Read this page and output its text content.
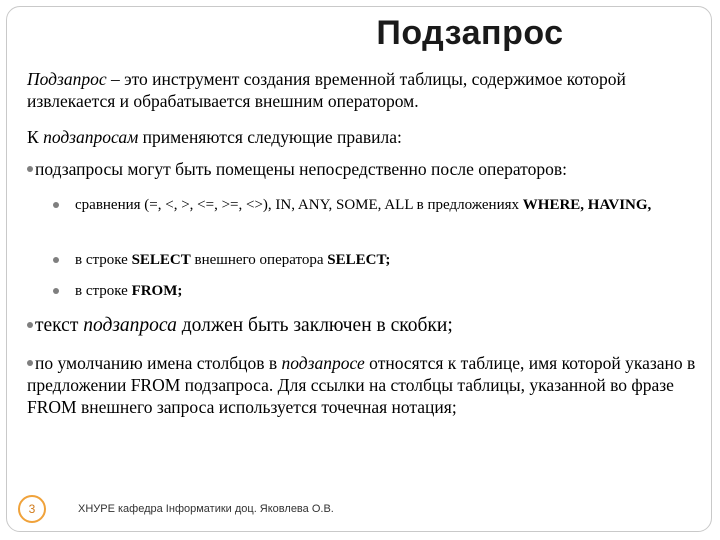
Подзапрос
Подзапрос – это инструмент создания временной таблицы, содержимое которой извлекается и обрабатывается внешним оператором.
К подзапросам применяются следующие правила:
подзапросы могут быть помещены непосредственно после операторов:
сравнения (=, <, >, <=, >=, <>), IN, ANY, SOME, ALL в предложениях WHERE, HAVING,
в строке SELECT внешнего оператора SELECT;
в строке FROM;
текст подзапроса должен быть заключен в скобки;
по умолчанию имена столбцов в подзапросе относятся к таблице, имя которой указано в предложении FROM подзапроса. Для ссылки на столбцы таблицы, указанной во фразе FROM внешнего запроса используется точечная нотация;
3	ХНУРЕ кафедра Інформатики доц. Яковлева О.В.
